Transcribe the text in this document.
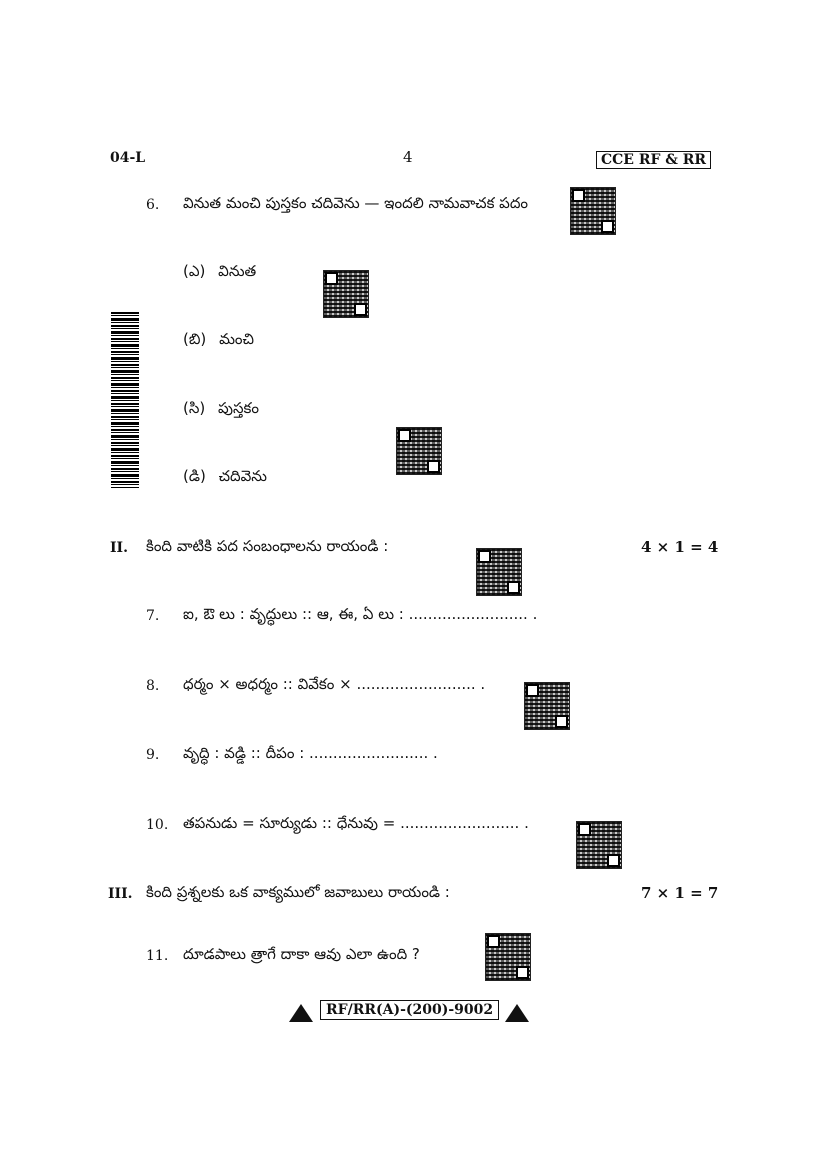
04-L	4	CCE RF & RR
6. వినుత మంచి పుస్తకం చదివెను — ఇందలి నామవాచక పదం
(ఎ) వినుత
(బి) మంచి
(సి) పుస్తకం
(డి) చదివెను
II. కింది వాటికి పద సంబంధాలను రాయండి :	4 × 1 = 4
7. ఐ, ఔ లు : వృద్ధులు :: ఆ, ఈ, ఏ లు : ......................... .
8. ధర్మం × అధర్మం :: వివేకం × ......................... .
9. వృద్ధి : వడ్డి :: దీపం : ......................... .
10. తపనుడు = సూర్యుడు :: ధేనువు = ......................... .
III. కింది ప్రశ్నలకు ఒక వాక్యములో జవాబులు రాయండి :	7 × 1 = 7
11. దూడపాలు త్రాగే దాకా ఆవు ఎలా ఉంది ?
RF/RR(A)-(200)-9002
